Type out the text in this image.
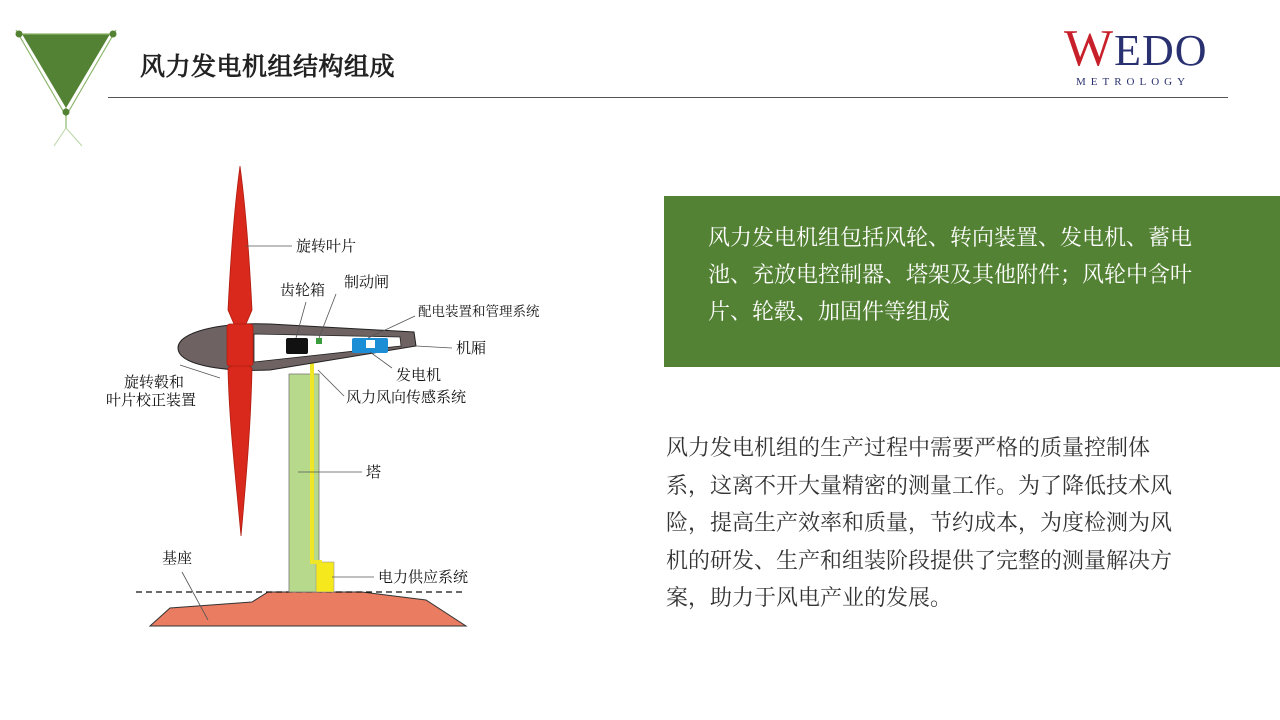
风力发电机组结构组成	WEDO
METROLOGY
旋转叶片
齿轮箱 制动闸
配电装置和管理系统
机厢
发电机
旋转毂和
叶片校正装置	风力风向传感系统
塔
基座
电力供应系统
风力发电机组包括风轮、转向装置、发电机、蓄电池、充放电控制器、塔架及其他附件；风轮中含叶片、轮毂、加固件等组成
风力发电机组的生产过程中需要严格的质量控制体系，这离不开大量精密的测量工作。为了降低技术风险，提高生产效率和质量，节约成本，为度检测为风机的研发、生产和组装阶段提供了完整的测量解决方案，助力于风电产业的发展。
